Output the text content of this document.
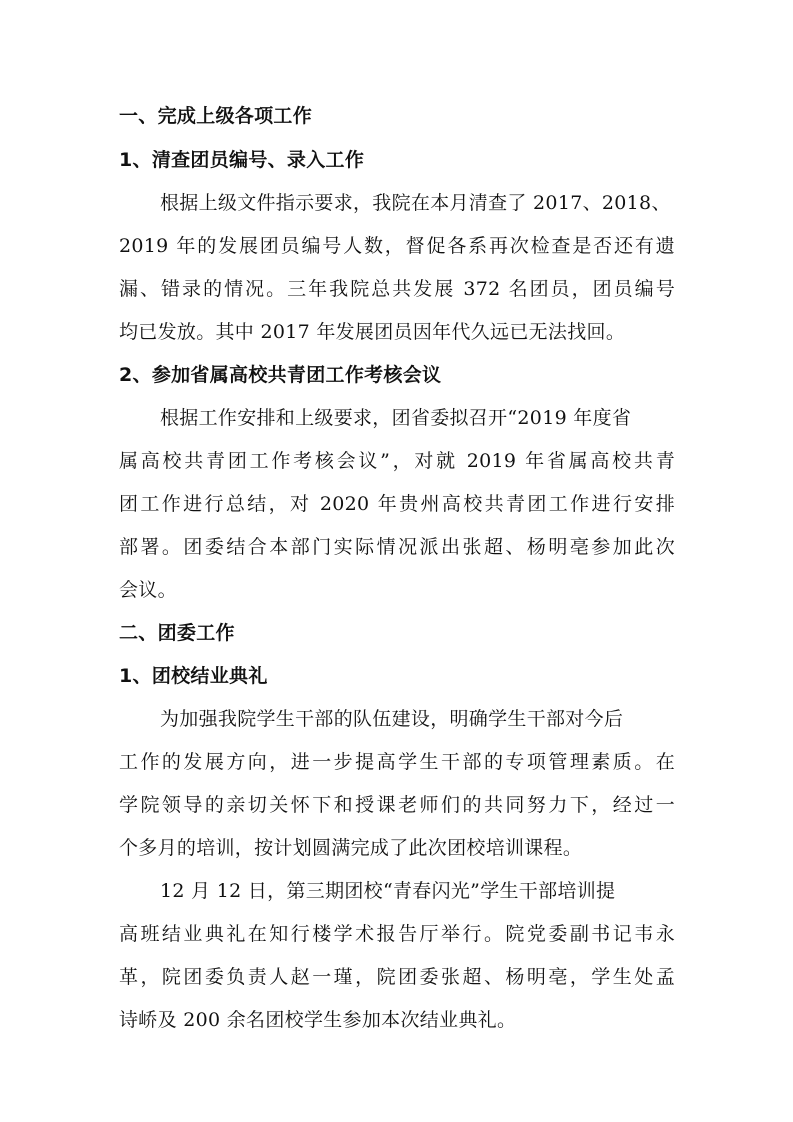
一、完成上级各项工作
1、清查团员编号、录入工作
根据上级文件指示要求，我院在本月清查了 2017、2018、
2019 年的发展团员编号人数，督促各系再次检查是否还有遗
漏、错录的情况。三年我院总共发展 372 名团员，团员编号
均已发放。其中 2017 年发展团员因年代久远已无法找回。
2、参加省属高校共青团工作考核会议
根据工作安排和上级要求，团省委拟召开“2019 年度省
属高校共青团工作考核会议”，对就 2019 年省属高校共青
团工作进行总结，对 2020 年贵州高校共青团工作进行安排
部署。团委结合本部门实际情况派出张超、杨明亳参加此次
会议。
二、团委工作
1、团校结业典礼
为加强我院学生干部的队伍建设，明确学生干部对今后
工作的发展方向，进一步提高学生干部的专项管理素质。在
学院领导的亲切关怀下和授课老师们的共同努力下，经过一
个多月的培训，按计划圆满完成了此次团校培训课程。
12 月 12 日，第三期团校“青春闪光”学生干部培训提
高班结业典礼在知行楼学术报告厅举行。院党委副书记韦永
革，院团委负责人赵一瑾，院团委张超、杨明亳，学生处孟
诗峤及 200 余名团校学生参加本次结业典礼。
